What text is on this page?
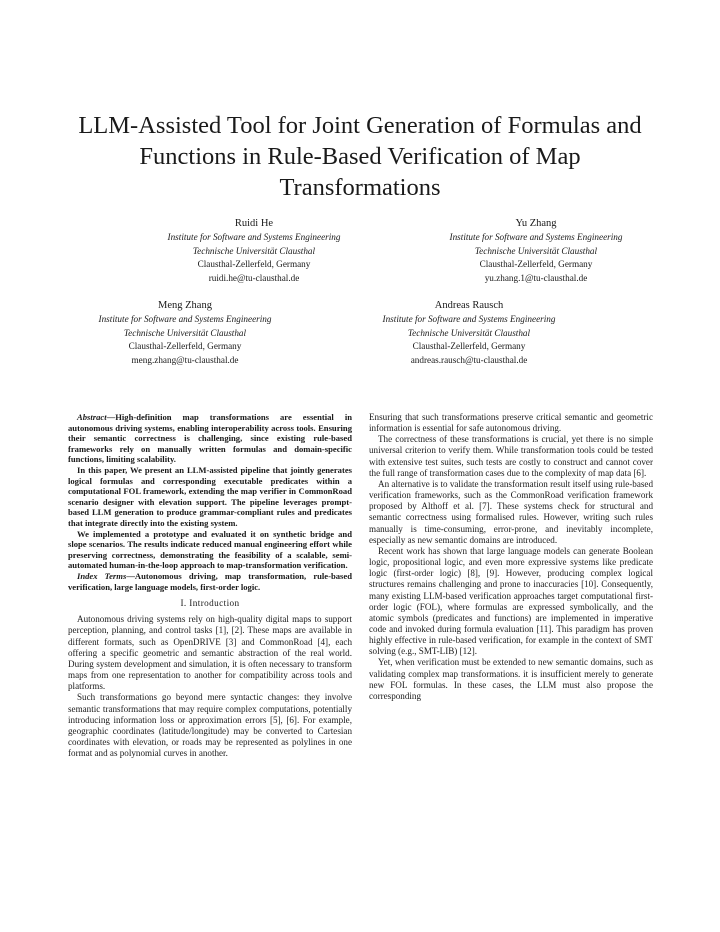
LLM-Assisted Tool for Joint Generation of Formulas and Functions in Rule-Based Verification of Map Transformations
Ruidi He
Institute for Software and Systems Engineering
Technische Universität Clausthal
Clausthal-Zellerfeld, Germany
ruidi.he@tu-clausthal.de
Yu Zhang
Institute for Software and Systems Engineering
Technische Universität Clausthal
Clausthal-Zellerfeld, Germany
yu.zhang.1@tu-clausthal.de
Meng Zhang
Institute for Software and Systems Engineering
Technische Universität Clausthal
Clausthal-Zellerfeld, Germany
meng.zhang@tu-clausthal.de
Andreas Rausch
Institute for Software and Systems Engineering
Technische Universität Clausthal
Clausthal-Zellerfeld, Germany
andreas.rausch@tu-clausthal.de

Abstract—High-definition map transformations are essential in autonomous driving systems, enabling interoperability across tools. Ensuring their semantic correctness is challenging, since existing rule-based frameworks rely on manually written formulas and domain-specific functions, limiting scalability.

In this paper, We present an LLM-assisted pipeline that jointly generates logical formulas and corresponding executable predicates within a computational FOL framework, extending the map verifier in CommonRoad scenario designer with elevation support. The pipeline leverages prompt-based LLM generation to produce grammar-compliant rules and predicates that integrate directly into the existing system.

We implemented a prototype and evaluated it on synthetic bridge and slope scenarios. The results indicate reduced manual engineering effort while preserving correctness, demonstrating the feasibility of a scalable, semi-automated human-in-the-loop approach to map-transformation verification.

Index Terms—Autonomous driving, map transformation, rule-based verification, large language models, first-order logic.

I. Introduction

Autonomous driving systems rely on high-quality digital maps to support perception, planning, and control tasks [1], [2]. These maps are available in different formats, such as OpenDRIVE [3] and CommonRoad [4], each offering a specific geometric and semantic abstraction of the real world. During system development and simulation, it is often necessary to transform maps from one representation to another for compatibility across tools and platforms.

Such transformations go beyond mere syntactic changes: they involve semantic transformations that may require complex computations, potentially introducing information loss or approximation errors [5], [6]. For example, geographic coordinates (latitude/longitude) may be converted to Cartesian coordinates with elevation, or roads may be represented as polylines in one format and as polynomial curves in another.

Ensuring that such transformations preserve critical semantic and geometric information is essential for safe autonomous driving.

The correctness of these transformations is crucial, yet there is no simple universal criterion to verify them. While transformation tools could be tested with extensive test suites, such tests are costly to construct and cannot cover the full range of transformation cases due to the complexity of map data [6].

An alternative is to validate the transformation result itself using rule-based verification frameworks, such as the CommonRoad verification framework proposed by Althoff et al. [7]. These systems check for structural and semantic correctness using formalised rules. However, writing such rules manually is time-consuming, error-prone, and inevitably incomplete, especially as new semantic domains are introduced.

Recent work has shown that large language models can generate Boolean logic, propositional logic, and even more expressive systems like predicate logic (first-order logic) [8], [9]. However, producing complex logical structures remains challenging and prone to inaccuracies [10]. Consequently, many existing LLM-based verification approaches target computational first-order logic (FOL), where formulas are expressed symbolically, and the atomic symbols (predicates and functions) are implemented in imperative code and invoked during formula evaluation [11]. This paradigm has proven highly effective in rule-based verification, for example in the context of SMT solving (e.g., SMT-LIB) [12].

Yet, when verification must be extended to new semantic domains, such as validating complex map transformations. it is insufficient merely to generate new FOL formulas. In these cases, the LLM must also propose the corresponding
